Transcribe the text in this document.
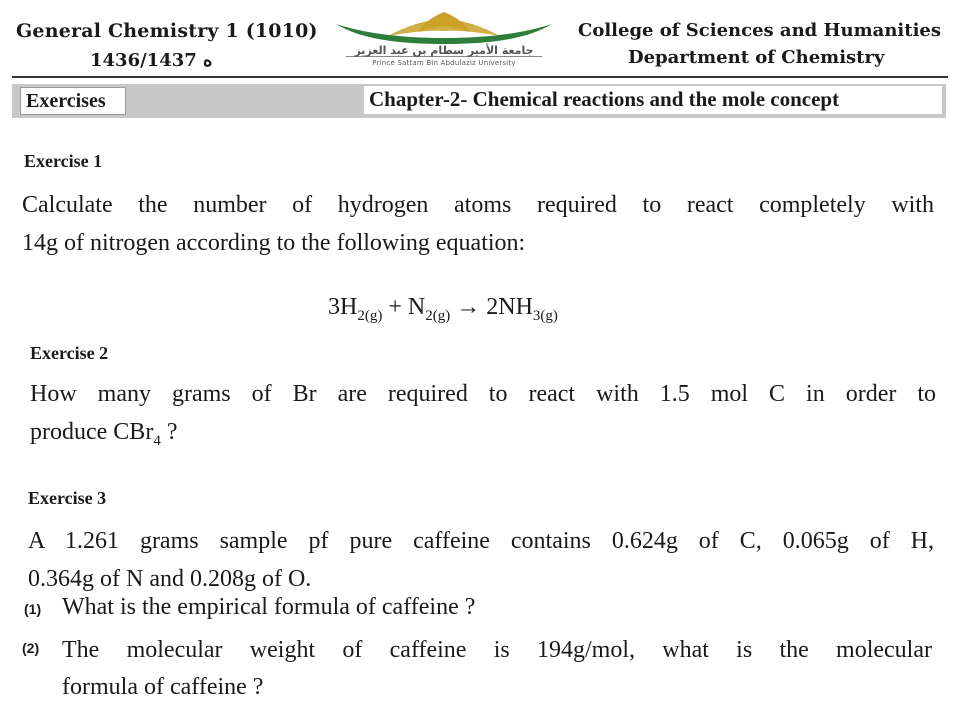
General Chemistry 1 (1010)
ه 1436/1437
College of Sciences and Humanities
Department of Chemistry
جامعة الأمير سطام بن عبد العزيز
Prince Sattam Bin Abdulaziz University
Exercises	Chapter-2- Chemical reactions and the mole concept
Exercise 1
Calculate the number of hydrogen atoms required to react completely with
14g of nitrogen according to the following equation:
$3H_{2(g)} + N_{2(g)} \to 2NH_{3(g)}$
Exercise 2
How many grams of Br are required to react with 1.5 mol C in order to
produce CBr$_4$ ?
Exercise 3
A 1.261 grams sample pf pure caffeine contains 0.624g of C, 0.065g of H,
0.364g of N and 0.208g of O.
(1) What is the empirical formula of caffeine ?
(2) The molecular weight of caffeine is 194g/mol, what is the molecular
formula of caffeine ?
